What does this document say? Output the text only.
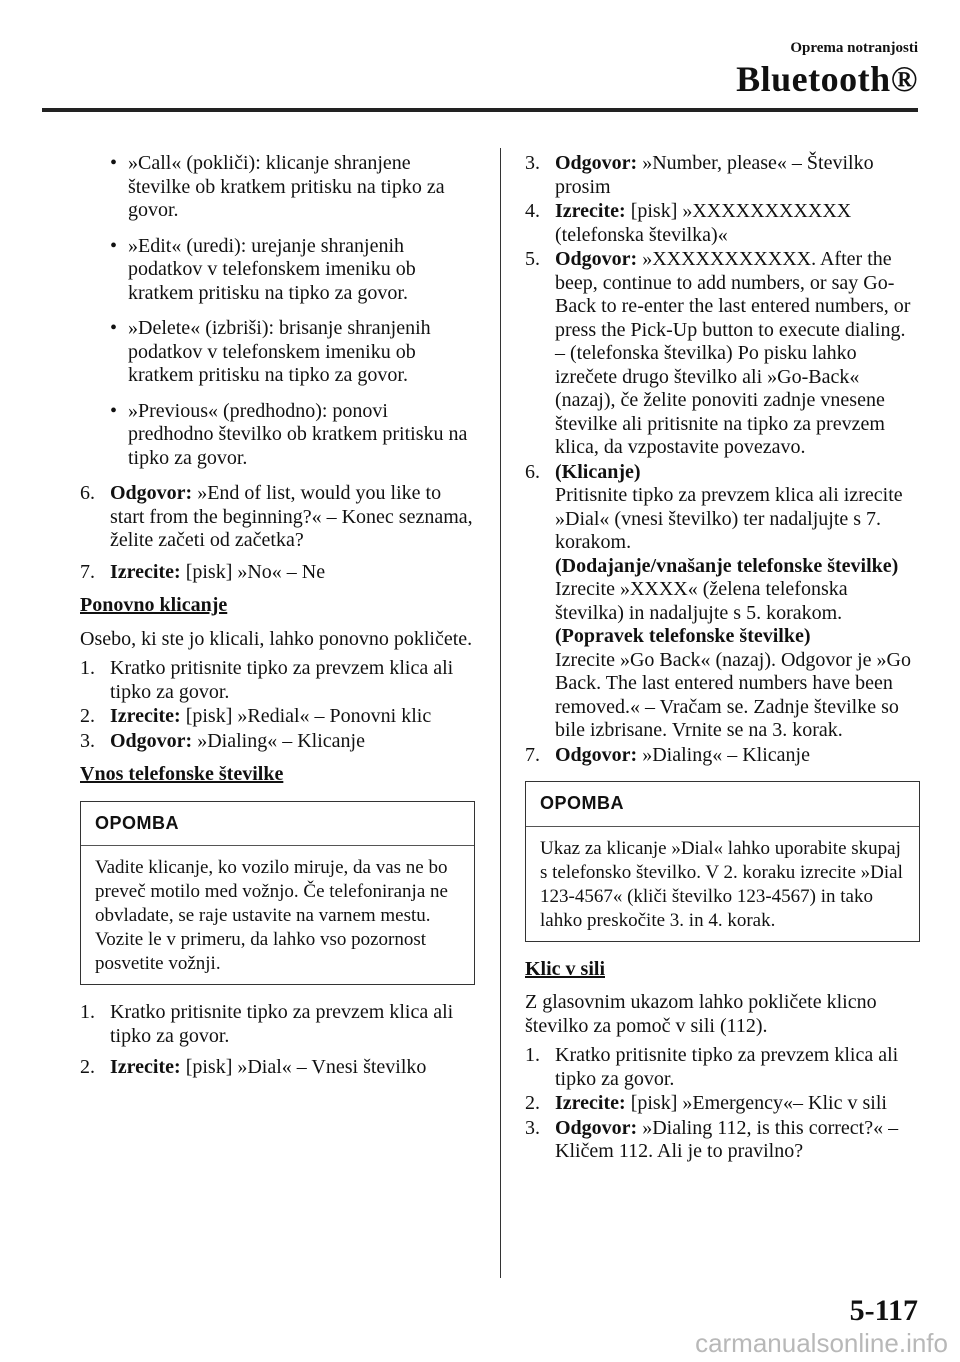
Oprema notranjosti
Bluetooth®
• »Call« (pokliči): klicanje shranjene številke ob kratkem pritisku na tipko za govor.
• »Edit« (uredi): urejanje shranjenih podatkov v telefonskem imeniku ob kratkem pritisku na tipko za govor.
• »Delete« (izbriši): brisanje shranjenih podatkov v telefonskem imeniku ob kratkem pritisku na tipko za govor.
• »Previous« (predhodno): ponovi predhodno številko ob kratkem pritisku na tipko za govor.
6. Odgovor: »End of list, would you like to start from the beginning?« – Konec seznama, želite začeti od začetka?
7. Izrecite: [pisk] »No« – Ne
Ponovno klicanje
Osebo, ki ste jo klicali, lahko ponovno pokličete.
1. Kratko pritisnite tipko za prevzem klica ali tipko za govor.
2. Izrecite: [pisk] »Redial« – Ponovni klic
3. Odgovor: »Dialing« – Klicanje
Vnos telefonske številke
OPOMBA
Vadite klicanje, ko vozilo miruje, da vas ne bo preveč motilo med vožnjo. Če telefoniranja ne obvladate, se raje ustavite na varnem mestu. Vozite le v primeru, da lahko vso pozornost posvetite vožnji.
1. Kratko pritisnite tipko za prevzem klica ali tipko za govor.
2. Izrecite: [pisk] »Dial« – Vnesi številko
3. Odgovor: »Number, please« – Številko prosim
4. Izrecite: [pisk] »XXXXXXXXXXX (telefonska številka)«
5. Odgovor: »XXXXXXXXXXX. After the beep, continue to add numbers, or say Go-Back to re-enter the last entered numbers, or press the Pick-Up button to execute dialing. – (telefonska številka) Po pisku lahko izrečete drugo številko ali »Go-Back« (nazaj), če želite ponoviti zadnje vnesene številke ali pritisnite na tipko za prevzem klica, da vzpostavite povezavo.
6. (Klicanje)
Pritisnite tipko za prevzem klica ali izrecite »Dial« (vnesi številko) ter nadaljujte s 7. korakom.
(Dodajanje/vnašanje telefonske številke)
Izrecite »XXXX« (želena telefonska številka) in nadaljujte s 5. korakom.
(Popravek telefonske številke)
Izrecite »Go Back« (nazaj). Odgovor je »Go Back. The last entered numbers have been removed.« – Vračam se. Zadnje številke so bile izbrisane. Vrnite se na 3. korak.
7. Odgovor: »Dialing« – Klicanje
OPOMBA
Ukaz za klicanje »Dial« lahko uporabite skupaj s telefonsko številko. V 2. koraku izrecite »Dial 123-4567« (kliči številko 123-4567) in tako lahko preskočite 3. in 4. korak.
Klic v sili
Z glasovnim ukazom lahko pokličete klicno številko za pomoč v sili (112).
1. Kratko pritisnite tipko za prevzem klica ali tipko za govor.
2. Izrecite: [pisk] »Emergency«– Klic v sili
3. Odgovor: »Dialing 112, is this correct?« – Kličem 112. Ali je to pravilno?
5-117
carmanualsonline.info
